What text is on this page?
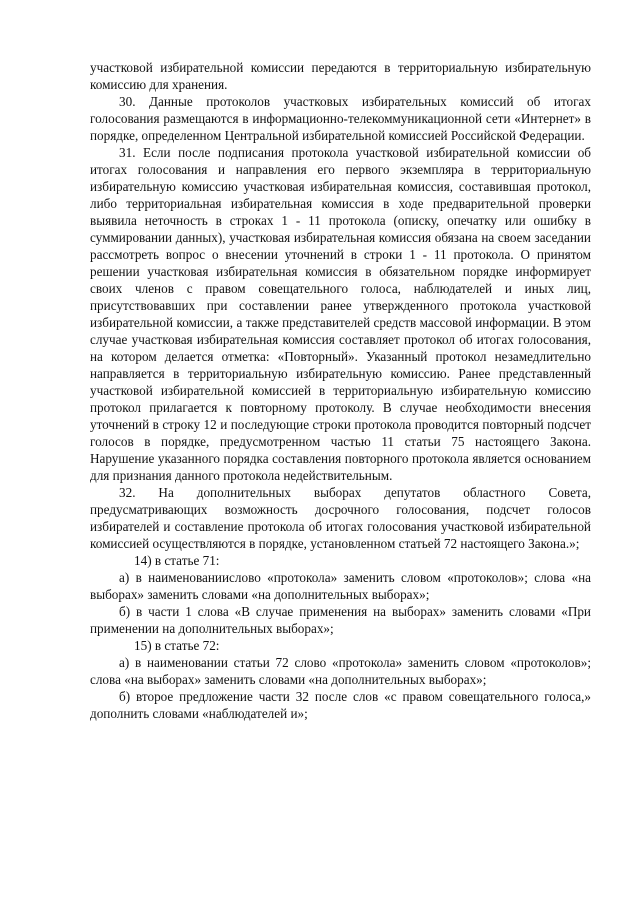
участковой избирательной комиссии передаются в территориальную избирательную комиссию для хранения.

30. Данные протоколов участковых избирательных комиссий об итогах голосования размещаются в информационно-телекоммуникационной сети «Интернет» в порядке, определенном Центральной избирательной комиссией Российской Федерации.

31. Если после подписания протокола участковой избирательной комиссии об итогах голосования и направления его первого экземпляра в территориальную избирательную комиссию участковая избирательная комиссия, составившая протокол, либо территориальная избирательная комиссия в ходе предварительной проверки выявила неточность в строках 1 - 11 протокола (описку, опечатку или ошибку в суммировании данных), участковая избирательная комиссия обязана на своем заседании рассмотреть вопрос о внесении уточнений в строки 1 - 11 протокола. О принятом решении участковая избирательная комиссия в обязательном порядке информирует своих членов с правом совещательного голоса, наблюдателей и иных лиц, присутствовавших при составлении ранее утвержденного протокола участковой избирательной комиссии, а также представителей средств массовой информации. В этом случае участковая избирательная комиссия составляет протокол об итогах голосования, на котором делается отметка: «Повторный». Указанный протокол незамедлительно направляется в территориальную избирательную комиссию. Ранее представленный участковой избирательной комиссией в территориальную избирательную комиссию протокол прилагается к повторному протоколу. В случае необходимости внесения уточнений в строку 12 и последующие строки протокола проводится повторный подсчет голосов в порядке, предусмотренном частью 11 статьи 75 настоящего Закона. Нарушение указанного порядка составления повторного протокола является основанием для признания данного протокола недействительным.

32. На дополнительных выборах депутатов областного Совета, предусматривающих возможность досрочного голосования, подсчет голосов избирателей и составление протокола об итогах голосования участковой избирательной комиссией осуществляются в порядке, установленном статьей 72 настоящего Закона.»;

14) в статье 71:

а) в наименованиислово «протокола» заменить словом «протоколов»; слова «на выборах» заменить словами «на дополнительных выборах»;

б) в части 1 слова «В случае применения на выборах» заменить словами «При применении на дополнительных выборах»;

15) в статье 72:

а) в наименовании статьи 72 слово «протокола» заменить словом «протоколов»; слова «на выборах» заменить словами «на дополнительных выборах»;

б) второе предложение части 32 после слов «с правом совещательного голоса,» дополнить словами «наблюдателей и»;
